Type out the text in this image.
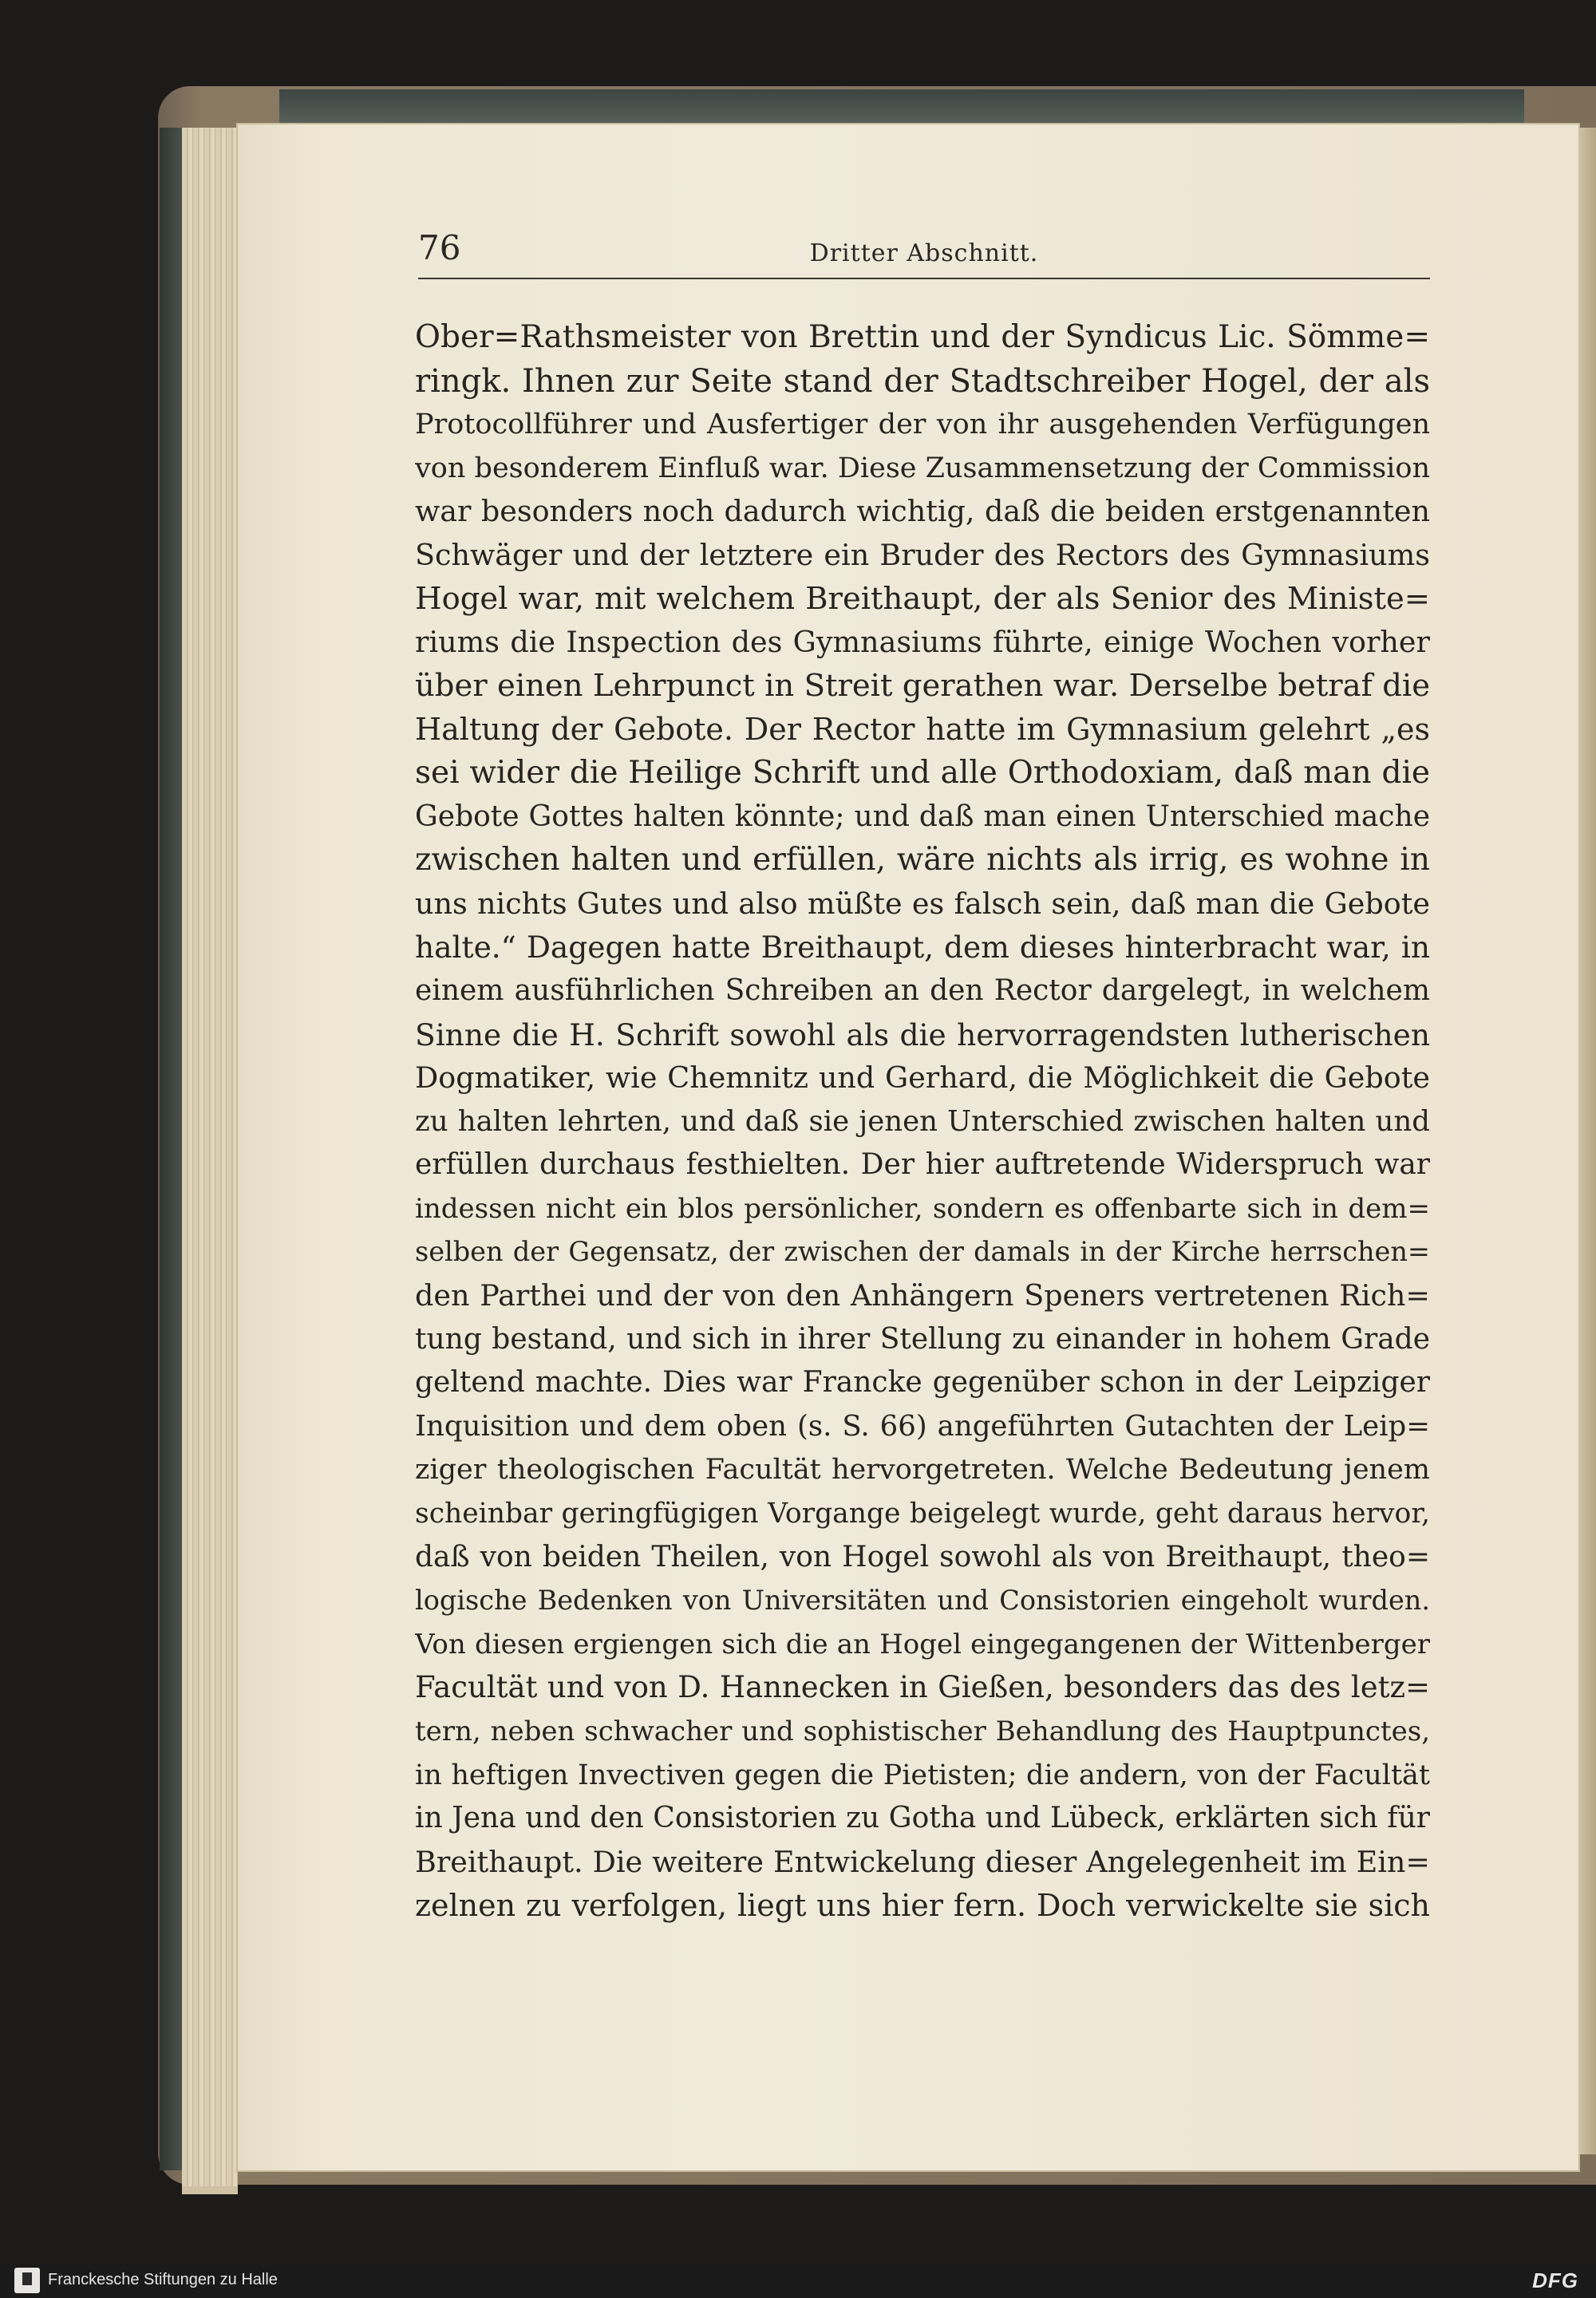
76	Dritter Abschnitt.
Ober=Rathsmeister von Brettin und der Syndicus Lic. Sömme=
ringk. Ihnen zur Seite stand der Stadtschreiber Hogel, der als
Protocollführer und Ausfertiger der von ihr ausgehenden Verfügungen
von besonderem Einfluß war. Diese Zusammensetzung der Commission
war besonders noch dadurch wichtig, daß die beiden erstgenannten
Schwäger und der letztere ein Bruder des Rectors des Gymnasiums
Hogel war, mit welchem Breithaupt, der als Senior des Ministe=
riums die Inspection des Gymnasiums führte, einige Wochen vorher
über einen Lehrpunct in Streit gerathen war. Derselbe betraf die
Haltung der Gebote. Der Rector hatte im Gymnasium gelehrt „es
sei wider die Heilige Schrift und alle Orthodoxiam, daß man die
Gebote Gottes halten könnte; und daß man einen Unterschied mache
zwischen halten und erfüllen, wäre nichts als irrig, es wohne in
uns nichts Gutes und also müßte es falsch sein, daß man die Gebote
halte.“ Dagegen hatte Breithaupt, dem dieses hinterbracht war, in
einem ausführlichen Schreiben an den Rector dargelegt, in welchem
Sinne die H. Schrift sowohl als die hervorragendsten lutherischen
Dogmatiker, wie Chemnitz und Gerhard, die Möglichkeit die Gebote
zu halten lehrten, und daß sie jenen Unterschied zwischen halten und
erfüllen durchaus festhielten. Der hier auftretende Widerspruch war
indessen nicht ein blos persönlicher, sondern es offenbarte sich in dem=
selben der Gegensatz, der zwischen der damals in der Kirche herrschen=
den Parthei und der von den Anhängern Speners vertretenen Rich=
tung bestand, und sich in ihrer Stellung zu einander in hohem Grade
geltend machte. Dies war Francke gegenüber schon in der Leipziger
Inquisition und dem oben (s. S. 66) angeführten Gutachten der Leip=
ziger theologischen Facultät hervorgetreten. Welche Bedeutung jenem
scheinbar geringfügigen Vorgange beigelegt wurde, geht daraus hervor,
daß von beiden Theilen, von Hogel sowohl als von Breithaupt, theo=
logische Bedenken von Universitäten und Consistorien eingeholt wurden.
Von diesen ergiengen sich die an Hogel eingegangenen der Wittenberger
Facultät und von D. Hannecken in Gießen, besonders das des letz=
tern, neben schwacher und sophistischer Behandlung des Hauptpunctes,
in heftigen Invectiven gegen die Pietisten; die andern, von der Facultät
in Jena und den Consistorien zu Gotha und Lübeck, erklärten sich für
Breithaupt. Die weitere Entwickelung dieser Angelegenheit im Ein=
zelnen zu verfolgen, liegt uns hier fern. Doch verwickelte sie sich
Franckesche Stiftungen zu Halle	DFG
